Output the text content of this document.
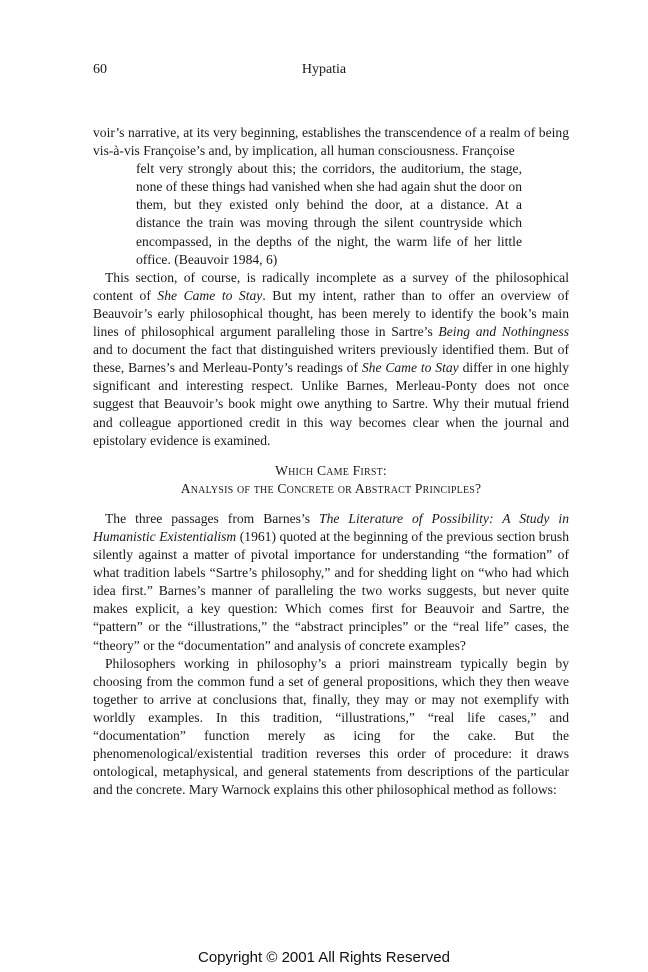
60	Hypatia

voir’s narrative, at its very beginning, establishes the transcendence of a realm of being vis-à-vis Françoise’s and, by implication, all human consciousness. Françoise

felt very strongly about this; the corridors, the auditorium, the stage, none of these things had vanished when she had again shut the door on them, but they existed only behind the door, at a distance. At a distance the train was moving through the silent countryside which encompassed, in the depths of the night, the warm life of her little office. (Beauvoir 1984, 6)

This section, of course, is radically incomplete as a survey of the philosophical content of She Came to Stay. But my intent, rather than to offer an overview of Beauvoir’s early philosophical thought, has been merely to identify the book’s main lines of philosophical argument paralleling those in Sartre’s Being and Nothingness and to document the fact that distinguished writers previously identified them. But of these, Barnes’s and Merleau-Ponty’s readings of She Came to Stay differ in one highly significant and interesting respect. Unlike Barnes, Merleau-Ponty does not once suggest that Beauvoir’s book might owe anything to Sartre. Why their mutual friend and colleague apportioned credit in this way becomes clear when the journal and epistolary evidence is examined.

Which Came First:
Analysis of the Concrete or Abstract Principles?

The three passages from Barnes’s The Literature of Possibility: A Study in Humanistic Existentialism (1961) quoted at the beginning of the previous section brush silently against a matter of pivotal importance for understanding “the formation” of what tradition labels “Sartre’s philosophy,” and for shedding light on “who had which idea first.” Barnes’s manner of paralleling the two works suggests, but never quite makes explicit, a key question: Which comes first for Beauvoir and Sartre, the “pattern” or the “illustrations,” the “abstract principles” or the “real life” cases, the “theory” or the “documentation” and analysis of concrete examples?

Philosophers working in philosophy’s a priori mainstream typically begin by choosing from the common fund a set of general propositions, which they then weave together to arrive at conclusions that, finally, they may or may not exemplify with worldly examples. In this tradition, “illustrations,” “real life cases,” and “documentation” function merely as icing for the cake. But the phenomenological/existential tradition reverses this order of procedure: it draws ontological, metaphysical, and general statements from descriptions of the particular and the concrete. Mary Warnock explains this other philosophical method as follows:

Copyright © 2001 All Rights Reserved
